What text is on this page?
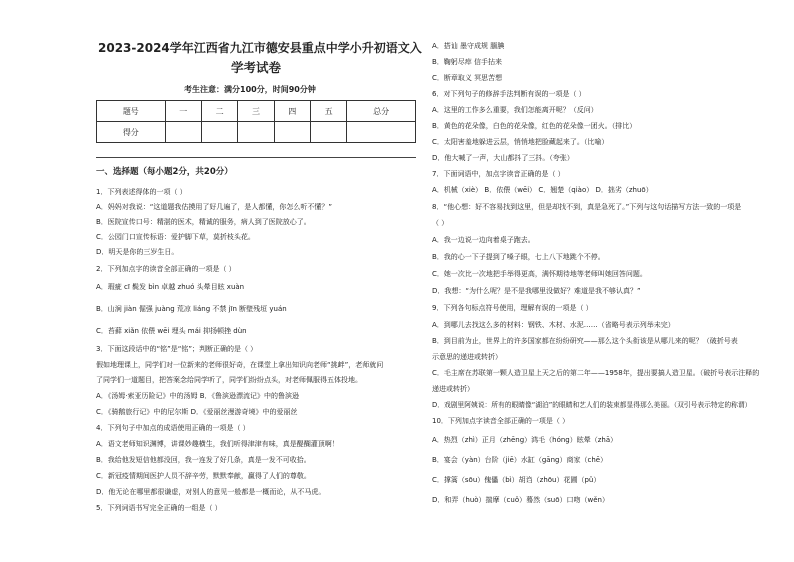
2023-2024学年江西省九江市德安县重点中学小升初语文入
学考试卷
考生注意：满分100分，时间90分钟
题号	一	二	三	四	五	总分
得分						
一、选择题（每小题2分，共20分）
1．下列表述得体的一项（ ）
A．妈妈对我说：“这道题我估摸用了好几遍了，是人都懂，你怎么听不懂？”
B．医院宣传口号：精湛的医术，精诚的服务，病人到了医院放心了。
C．公园门口宣传标语：爱护脚下草，莫折枝头花。
D．明天是你的三岁生日。
2．下列加点字的读音全部正确的一项是（ ）
A．瑕疵 cī 鬓发 bìn 卓越 zhuó 头晕目眩 xuàn
B．山涧 jiàn 倔强 juàng 荒凉 liáng 不禁 jīn 断壁残垣 yuán
C．苔藓 xiǎn 依偎 wēi 埋头 mái 抑扬顿挫 dùn
3．下面这段话中的“铭”是“铭”；判断正确的是（ ）
假如地理课上，同学们对一位新来的老师很好奇，在课堂上拿出知识向老师“挑衅”，老师就问
了同学们一道题目，把答案念给同学听了，同学们纷纷点头，对老师佩服得五体投地。
A．《汤姆·索亚历险记》中的汤姆 B．《鲁滨逊漂流记》中的鲁滨逊
C．《骑鹅旅行记》中的尼尔斯 D．《爱丽丝漫游奇境》中的爱丽丝
4．下列句子中加点的成语使用正确的一项是（ ）
A．语文老师知识渊博，讲课妙趣横生，我们听得津津有味，真是醍醐灌顶啊！
B．我给他发短信他都没回，我一连发了好几条，真是一发不可收拾。
C．新冠疫情期间医护人员不辞辛劳，默默奉献，赢得了人们的尊敬。
D．他无论在哪里都很谦虚，对别人的意见一般都是一概而论，从不马虎。
5．下列词语书写完全正确的一组是（ ）
A．搭讪 墨守成规 腼腆
B．鞠躬尽瘁 信手拈来
C．断章取义 冥思苦想
6．对下列句子的修辞手法判断有误的一项是（ ）
A．这里的工作多么重要，我们怎能离开呢？（反问）
B．黄色的花朵像，白色的花朵像，红色的花朵像一团火。（排比）
C．太阳害羞地躲进云层，悄悄地把脸藏起来了。（比喻）
D．他大喊了一声，大山都抖了三抖。（夸张）
7．下面词语中，加点字读音正确的是（ ）
A．机械（xiè） B．依偎（wēi） C．翘楚（qiào） D．拙劣（zhuō）
8．“他心想：好不容易找到这里，但是却找不到，真是急死了。”下列与这句话描写方法一致的一项是
（ ）
A．我一边说一边向着桌子跑去。
B．我的心一下子提到了嗓子眼，七上八下地跳个不停。
C．她一次比一次地把手举得更高，满怀期待地等老师叫她回答问题。
D．我想：“为什么呢？是不是我哪里没做好？难道是我不够认真？”
9．下列各句标点符号使用，理解有误的一项是（ ）
A．到哪儿去找这么多的材料：钢铁、木材、水泥……（省略号表示列举未完）
B．到目前为止，世界上的许多国家都在纷纷研究——那么这个头衔该是从哪儿来的呢？（破折号表
示意思的递进或转折）
C．毛主席在苏联第一颗人造卫星上天之后的第二年——1958年，提出要搞人造卫星。（破折号表示注释的
递进或转折）
D．戏剧里阿姨说：所有的眼睛像“湖泊”的眼睛和艺人们的装束都显得那么美丽。（双引号表示特定的称谓）
10．下列加点字读音全部正确的一项是（ ）
A．热烈（zhì）正月（zhēng）鸿毛（hóng）眩晕（zhā）
B．宴会（yàn）台阶（jiē）水缸（gāng）商家（chē）
C．撑篙（sōu）傀儡（bì）胡诌（zhōu）花圃（pǔ）
D．和弄（huò）揣摩（cuǒ）蓦然（suō）口吻（wěn）
